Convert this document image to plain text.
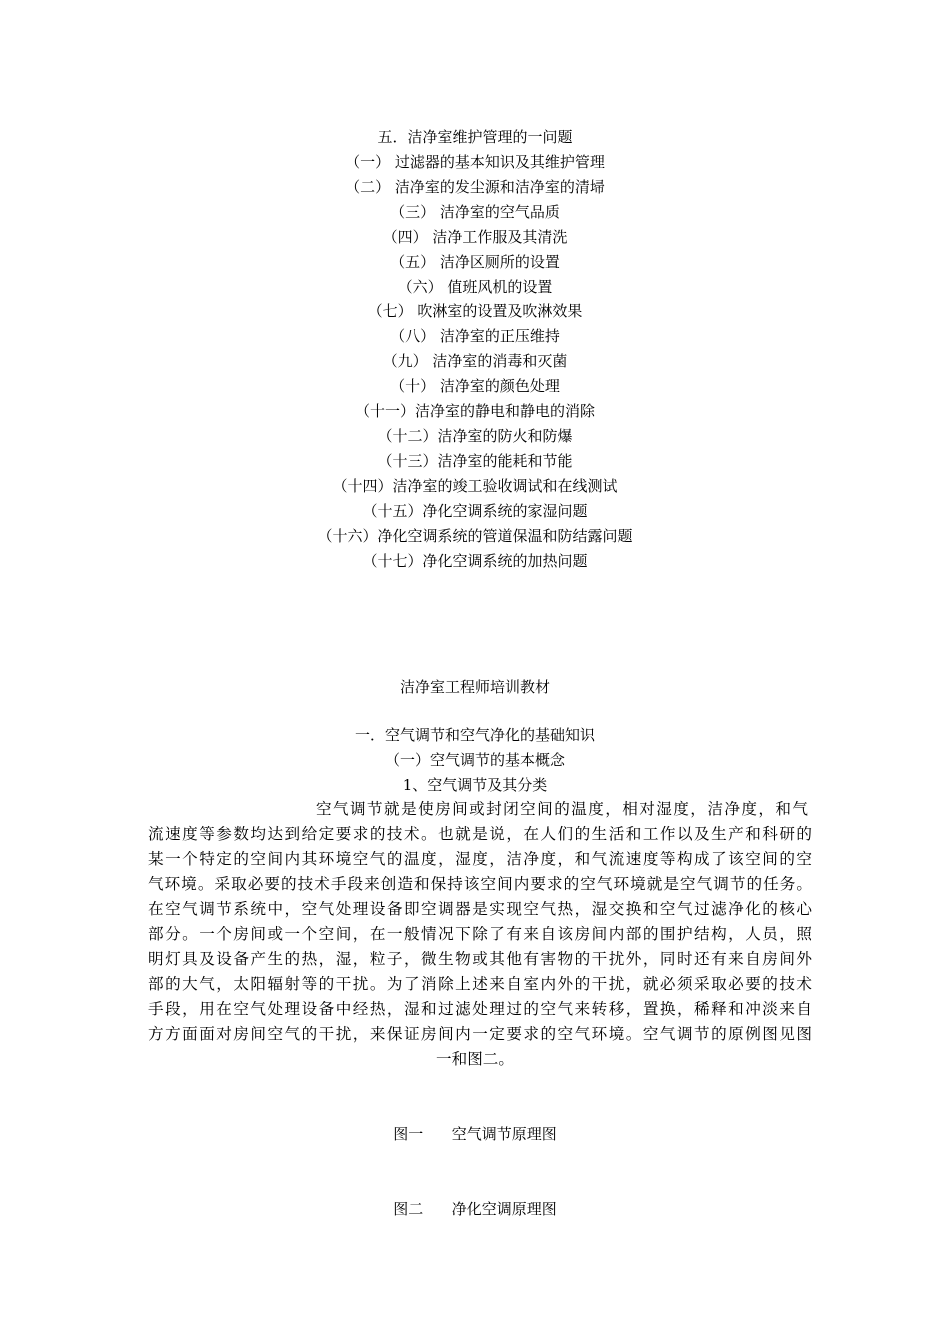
五．洁净室维护管理的一问题
（一） 过滤器的基本知识及其维护管理
（二） 洁净室的发尘源和洁净室的清埽
（三） 洁净室的空气品质
（四） 洁净工作服及其清洗
（五） 洁净区厕所的设置
（六） 值班风机的设置
（七） 吹淋室的设置及吹淋效果
（八） 洁净室的正压维持
（九） 洁净室的消毒和灭菌
（十） 洁净室的颜色处理
（十一）洁净室的静电和静电的消除
（十二）洁净室的防火和防爆
（十三）洁净室的能耗和节能
（十四）洁净室的竣工验收调试和在线测试
（十五）净化空调系统的家湿问题
（十六）净化空调系统的管道保温和防结露问题
（十七）净化空调系统的加热问题
洁净室工程师培训教材
一．空气调节和空气净化的基础知识
（一）空气调节的基本概念
1、空气调节及其分类
空气调节就是使房间或封闭空间的温度，相对湿度，洁净度，和气
流速度等参数均达到给定要求的技术。也就是说，在人们的生活和工作以及生产和科研的
某一个特定的空间内其环境空气的温度，湿度，洁净度，和气流速度等构成了该空间的空
气环境。采取必要的技术手段来创造和保持该空间内要求的空气环境就是空气调节的任务。
在空气调节系统中，空气处理设备即空调器是实现空气热，湿交换和空气过滤净化的核心
部分。一个房间或一个空间，在一般情况下除了有来自该房间内部的围护结构，人员，照
明灯具及设备产生的热，湿，粒子，微生物或其他有害物的干扰外，同时还有来自房间外
部的大气，太阳辐射等的干扰。为了消除上述来自室内外的干扰，就必须采取必要的技术
手段，用在空气处理设备中经热，湿和过滤处理过的空气来转移，置换，稀释和冲淡来自
方方面面对房间空气的干扰，来保证房间内一定要求的空气环境。空气调节的原例图见图
一和图二。
图一      空气调节原理图
图二      净化空调原理图
